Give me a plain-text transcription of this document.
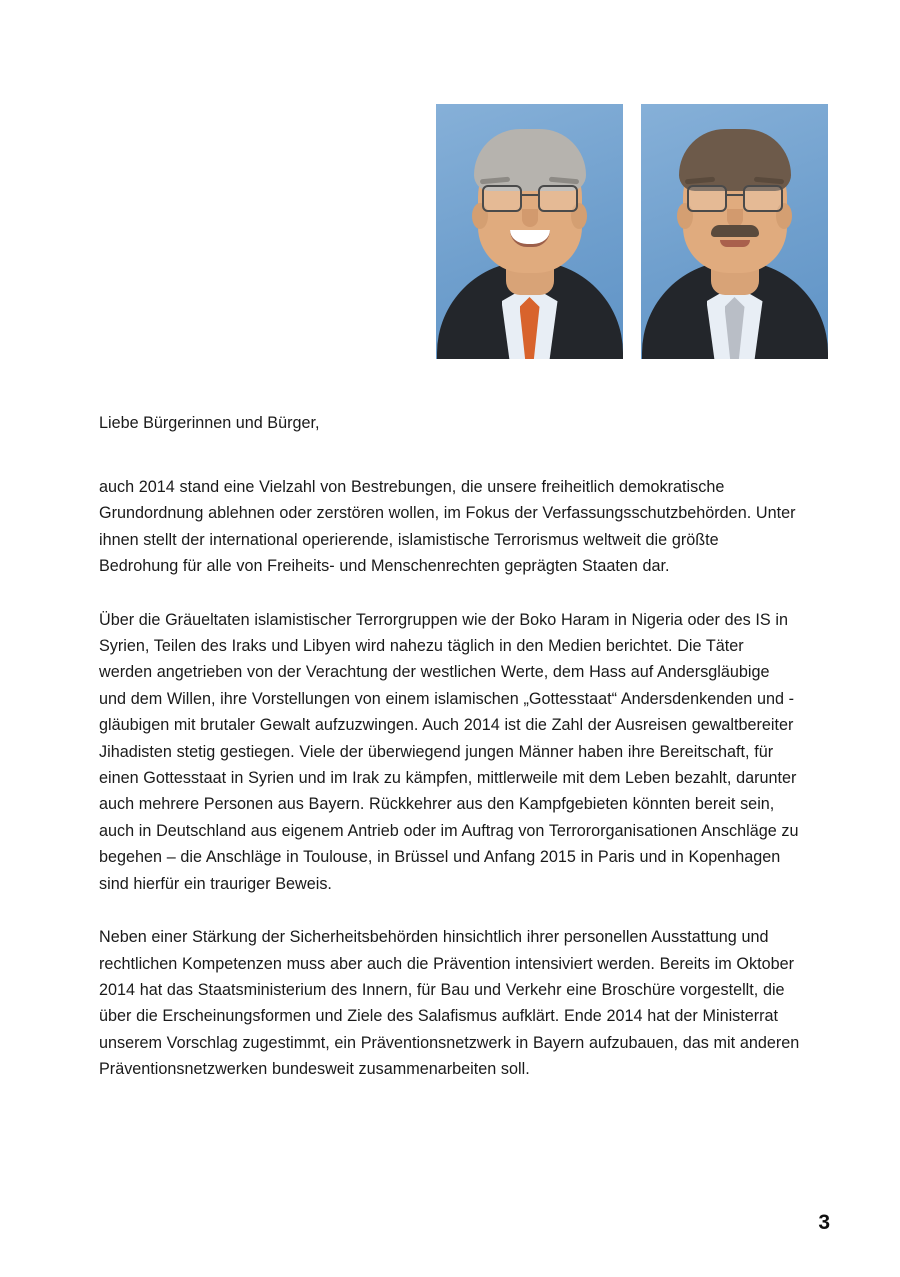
Liebe Bürgerinnen und Bürger,

auch 2014 stand eine Vielzahl von Bestrebungen, die unsere freiheitlich demokratische Grundordnung ablehnen oder zerstören wollen, im Fokus der Verfassungsschutzbehörden. Unter ihnen stellt der international operierende, islamistische Terrorismus weltweit die größte Bedrohung für alle von Freiheits- und Menschenrechten geprägten Staaten dar.

Über die Gräueltaten islamistischer Terrorgruppen wie der Boko Haram in Nigeria oder des IS in Syrien, Teilen des Iraks und Libyen wird nahezu täglich in den Medien berichtet. Die Täter werden angetrieben von der Verachtung der westlichen Werte, dem Hass auf Andersgläubige und dem Willen, ihre Vorstellungen von einem islamischen „Gottesstaat“ Andersdenkenden und -gläubigen mit brutaler Gewalt aufzuzwingen. Auch 2014 ist die Zahl der Ausreisen gewaltbereiter Jihadisten stetig gestiegen. Viele der überwiegend jungen Männer haben ihre Bereitschaft, für einen Gottesstaat in Syrien und im Irak zu kämpfen, mittlerweile mit dem Leben bezahlt, darunter auch mehrere Personen aus Bayern. Rückkehrer aus den Kampfgebieten könnten bereit sein, auch in Deutschland aus eigenem Antrieb oder im Auftrag von Terrororganisationen Anschläge zu begehen – die Anschläge in Toulouse, in Brüssel und Anfang 2015 in Paris und in Kopenhagen sind hierfür ein trauriger Beweis.

Neben einer Stärkung der Sicherheitsbehörden hinsichtlich ihrer personellen Ausstattung und rechtlichen Kompetenzen muss aber auch die Prävention intensiviert werden. Bereits im Oktober 2014 hat das Staatsministerium des Innern, für Bau und Verkehr eine Broschüre vorgestellt, die über die Erscheinungsformen und Ziele des Salafismus aufklärt. Ende 2014 hat der Ministerrat unserem Vorschlag zugestimmt, ein Präventionsnetzwerk in Bayern aufzubauen, das mit anderen Präventionsnetzwerken bundesweit zusammenarbeiten soll.

3
